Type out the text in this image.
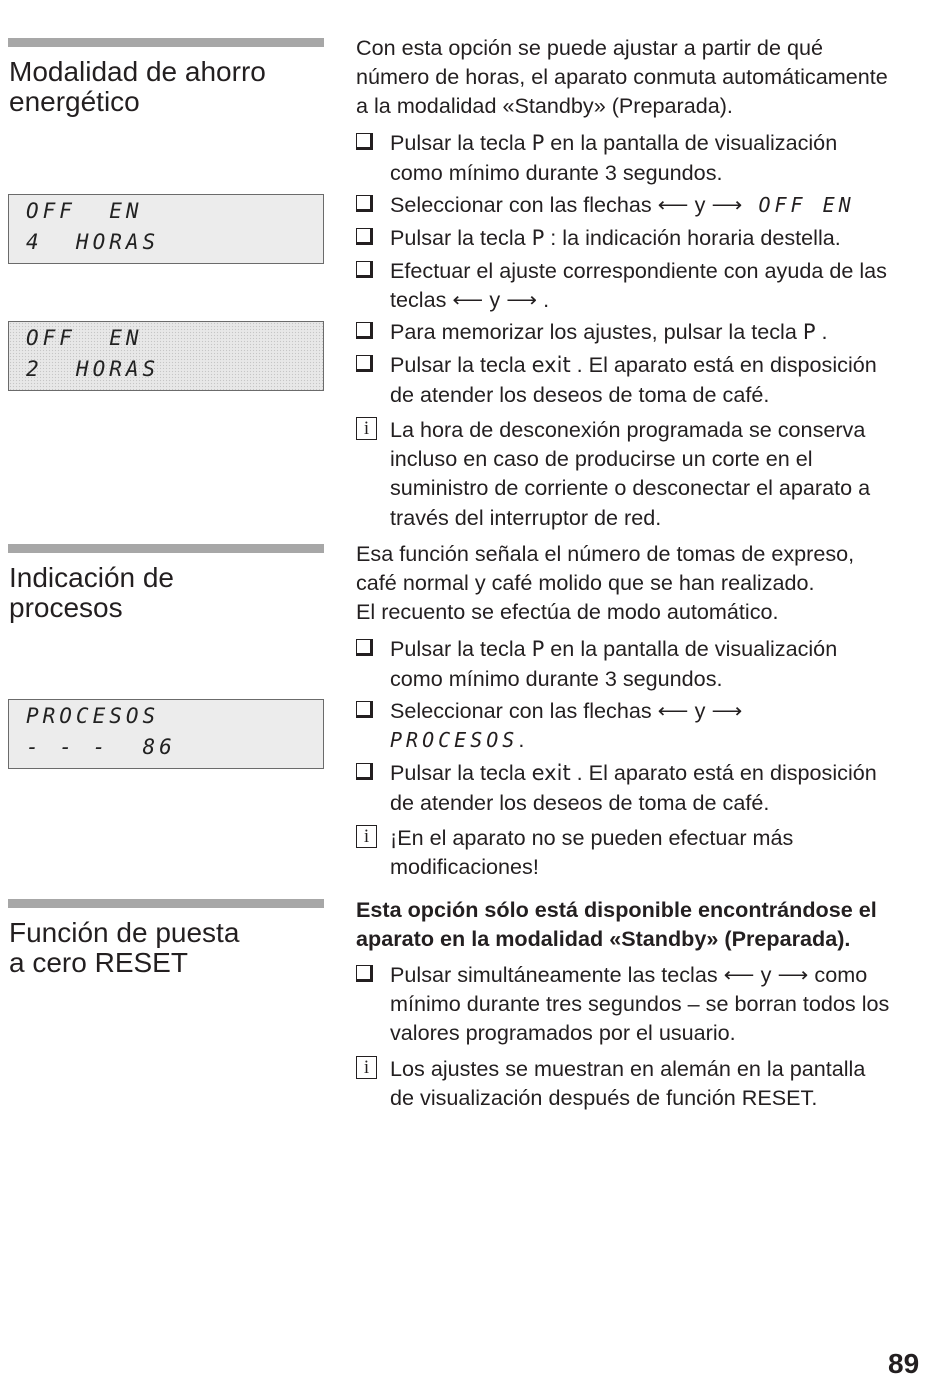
Modalidad de ahorro
energético
OFF  EN
4  HORAS
OFF  EN
2  HORAS
Con esta opción se puede ajustar a partir de qué
número de horas, el aparato conmuta automáticamente
a la modalidad «Standby» (Preparada).
Pulsar la tecla P en la pantalla de visualización
como mínimo durante 3 segundos.
Seleccionar con las flechas ⟵ y ⟶ OFF EN
Pulsar la tecla P : la indicación horaria destella.
Efectuar el ajuste correspondiente con ayuda de las
teclas ⟵ y ⟶ .
Para memorizar los ajustes, pulsar la tecla P .
Pulsar la tecla exit . El aparato está en disposición
de atender los deseos de toma de café.
i La hora de desconexión programada se conserva
incluso en caso de producirse un corte en el
suministro de corriente o desconectar el aparato a
través del interruptor de red.
Indicación de
procesos
PROCESOS
- - -  86
Esa función señala el número de tomas de expreso,
café normal y café molido que se han realizado.
El recuento se efectúa de modo automático.
Pulsar la tecla P en la pantalla de visualización
como mínimo durante 3 segundos.
Seleccionar con las flechas ⟵ y ⟶
PROCESOS.
Pulsar la tecla exit . El aparato está en disposición
de atender los deseos de toma de café.
i ¡En el aparato no se pueden efectuar más
modificaciones!
Función de puesta
a cero RESET
Esta opción sólo está disponible encontrándose el
aparato en la modalidad «Standby» (Preparada).
Pulsar simultáneamente las teclas ⟵ y ⟶ como
mínimo durante tres segundos – se borran todos los
valores programados por el usuario.
i Los ajustes se muestran en alemán en la pantalla
de visualización después de función RESET.
89
